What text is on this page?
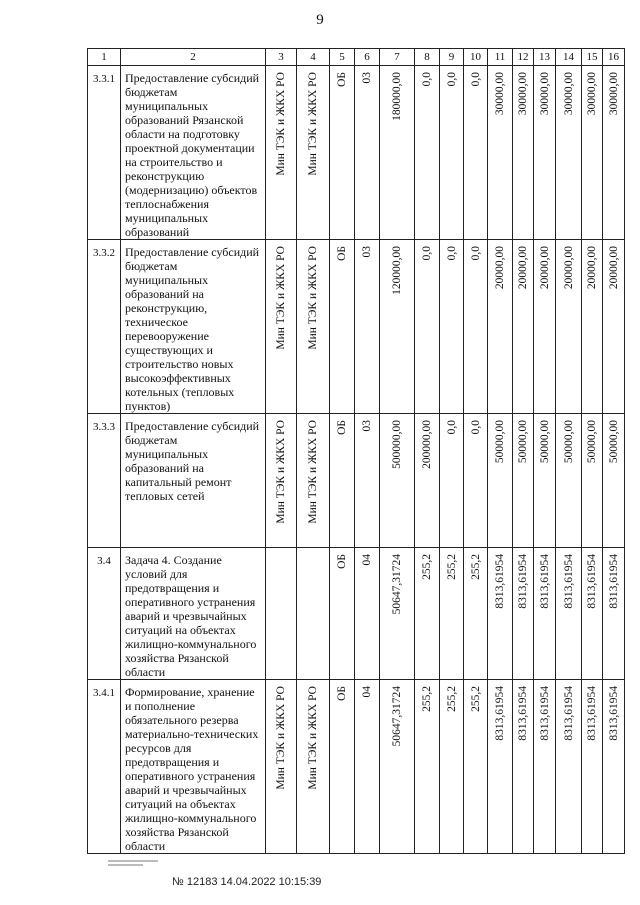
9
1	2	3	4	5	6	7	8	9	10	11	12	13	14	15	16
3.3.1	Предоставление субсидий бюджетам муниципальных образований Рязанской области на подготовку проектной документации на строительство и реконструкцию (модернизацию) объектов теплоснабжения муниципальных образований	Мин ТЭК и ЖКХ РО	Мин ТЭК и ЖКХ РО	ОБ	03	180000,00	0,0	0,0	0,0	30000,00	30000,00	30000,00	30000,00	30000,00	30000,00

3.3.2	Предоставление субсидий бюджетам муниципальных образований на реконструкцию, техническое перевооружение существующих и строительство новых высокоэффективных котельных (тепловых пунктов)	Мин ТЭК и ЖКХ РО	Мин ТЭК и ЖКХ РО	ОБ	03	120000,00	0,0	0,0	0,0	20000,00	20000,00	20000,00	20000,00	20000,00	20000,00

3.3.3	Предоставление субсидий бюджетам муниципальных образований на капитальный ремонт тепловых сетей	Мин ТЭК и ЖКХ РО	Мин ТЭК и ЖКХ РО	ОБ	03	500000,00	200000,00	0,0	0,0	50000,00	50000,00	50000,00	50000,00	50000,00	50000,00

3.4	Задача 4. Создание условий для предотвращения и оперативного устранения аварий и чрезвычайных ситуаций на объектах жилищно-коммунального хозяйства Рязанской области			ОБ	04	50647,31724	255,2	255,2	255,2	8313,61954	8313,61954	8313,61954	8313,61954	8313,61954	8313,61954

3.4.1	Формирование, хранение и пополнение обязательного резерва материально-технических ресурсов для предотвращения и оперативного устранения аварий и чрезвычайных ситуаций на объектах жилищно-коммунального хозяйства Рязанской области	Мин ТЭК и ЖКХ РО	Мин ТЭК и ЖКХ РО	ОБ	04	50647,31724	255,2	255,2	255,2	8313,61954	8313,61954	8313,61954	8313,61954	8313,61954	8313,61954
№ 12183 14.04.2022 10:15:39
